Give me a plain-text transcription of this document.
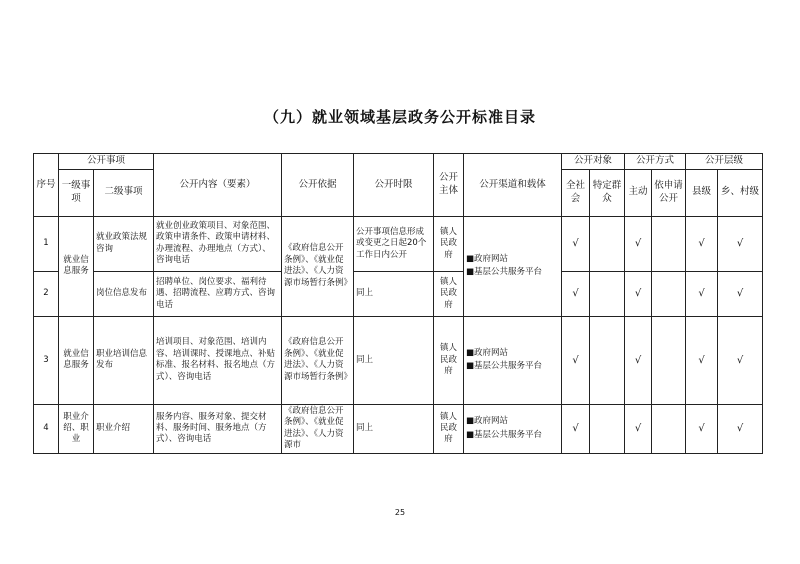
（九）就业领域基层政务公开标准目录
序号	公开事项		公开内容（要素）	公开依据	公开时限	公开主体	公开渠道和载体	公开对象		公开方式		公开层级	
	一级事项	二级事项						全社会	特定群众	主动	依申请公开	县级	乡、村级
1	就业信息服务	就业政策法规咨询	就业创业政策项目、对象范围、政策申请条件、政策申请材料、办理流程、办理地点（方式）、咨询电话	《政府信息公开条例》、《就业促进法》、《人力资源市场暂行条例》	公开事项信息形成或变更之日起20个工作日内公开	镇人民政府	■政府网站
■基层公共服务平台	√		√		√	√
2		岗位信息发布	招聘单位、岗位要求、福利待遇、招聘流程、应聘方式、咨询电话		同上	镇人民政府		√		√		√	√
3	就业信息服务	职业培训信息发布	培训项目、对象范围、培训内容、培训课时、授课地点、补贴标准、报名材料、报名地点（方式）、咨询电话	《政府信息公开条例》、《就业促进法》、《人力资源市场暂行条例》	同上	镇人民政府	■政府网站
■基层公共服务平台	√		√		√	√
4	职业介绍、职业	职业介绍	服务内容、服务对象、提交材料、服务时间、服务地点（方式）、咨询电话	《政府信息公开条例》、《就业促进法》、《人力资源市	同上	镇人民政府	■政府网站
■基层公共服务平台	√		√		√	√
25
